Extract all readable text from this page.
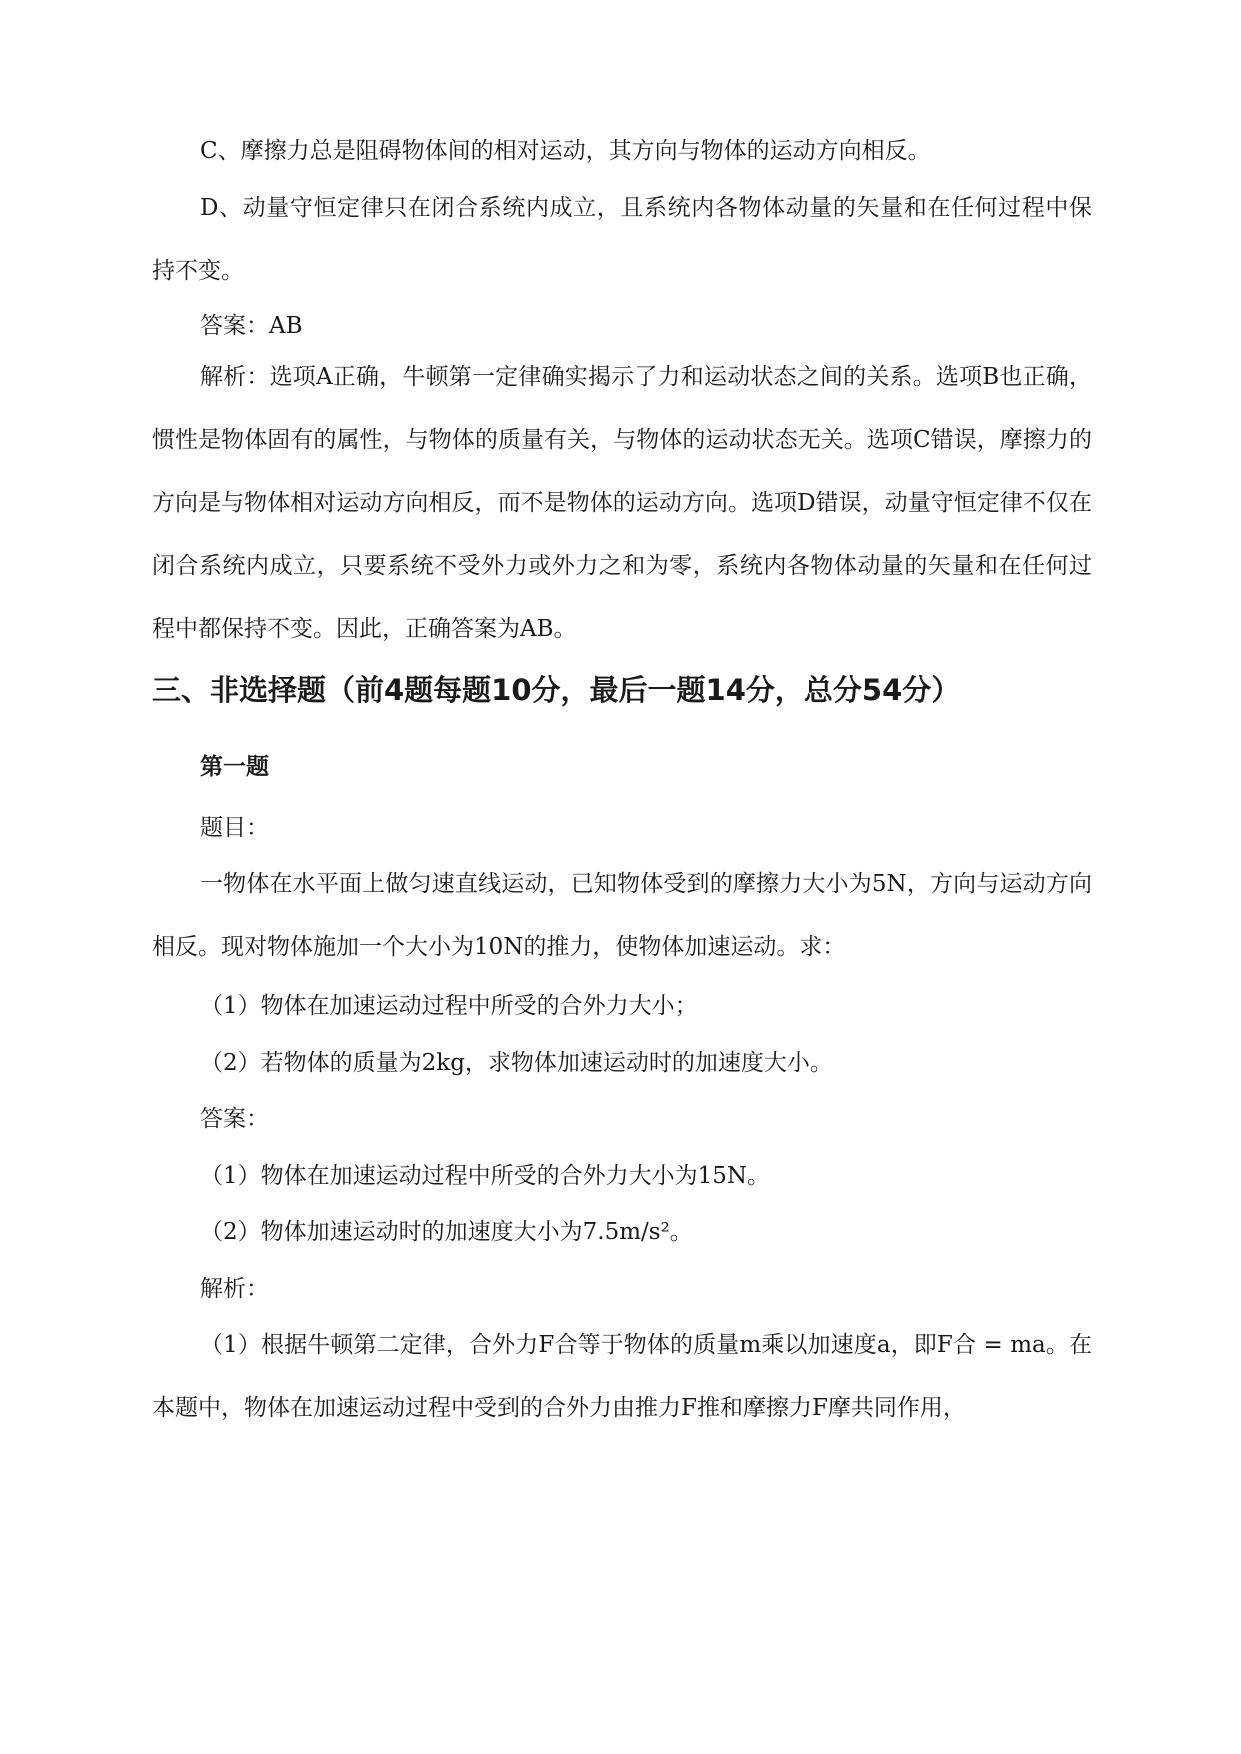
C、摩擦力总是阻碍物体间的相对运动，其方向与物体的运动方向相反。

D、动量守恒定律只在闭合系统内成立，且系统内各物体动量的矢量和在任何过程中保持不变。

答案：AB

解析：选项A正确，牛顿第一定律确实揭示了力和运动状态之间的关系。选项B也正确，惯性是物体固有的属性，与物体的质量有关，与物体的运动状态无关。选项C错误，摩擦力的方向是与物体相对运动方向相反，而不是物体的运动方向。选项D错误，动量守恒定律不仅在闭合系统内成立，只要系统不受外力或外力之和为零，系统内各物体动量的矢量和在任何过程中都保持不变。因此，正确答案为AB。

三、非选择题（前4题每题10分，最后一题14分，总分54分）
第一题

题目：

一物体在水平面上做匀速直线运动，已知物体受到的摩擦力大小为5N，方向与运动方向相反。现对物体施加一个大小为10N的推力，使物体加速运动。求：

（1）物体在加速运动过程中所受的合外力大小；

（2）若物体的质量为2kg，求物体加速运动时的加速度大小。

答案：

（1）物体在加速运动过程中所受的合外力大小为15N。

（2）物体加速运动时的加速度大小为7.5m/s²。

解析：

（1）根据牛顿第二定律，合外力F合等于物体的质量m乘以加速度a，即F合 = ma。在本题中，物体在加速运动过程中受到的合外力由推力F推和摩擦力F摩共同作用，
